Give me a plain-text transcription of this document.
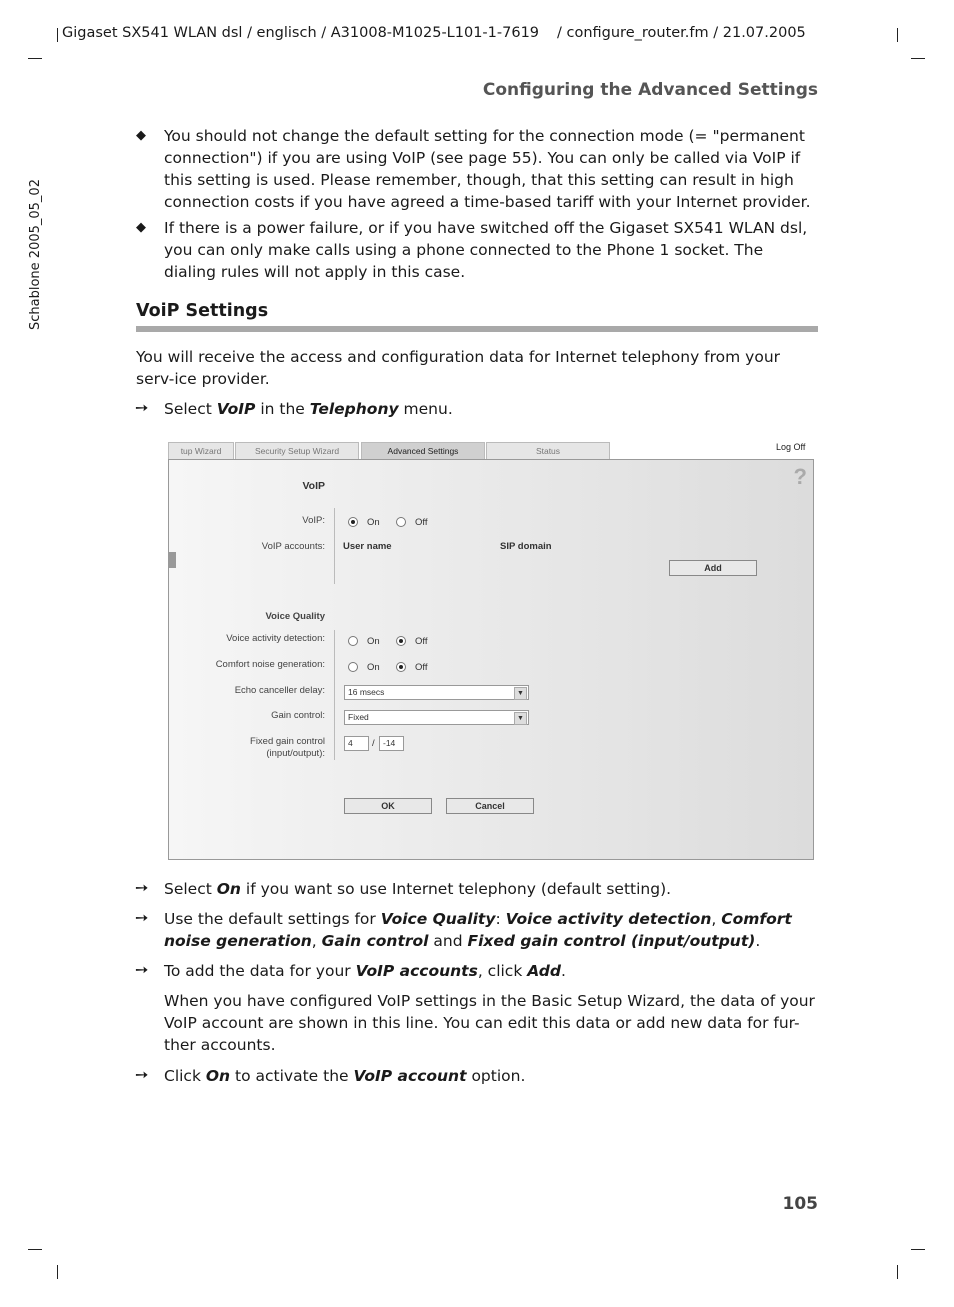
Gigaset SX541 WLAN dsl / englisch / A31008-M1025-L101-1-7619 / configure_router.fm / 21.07.2005
Configuring the Advanced Settings
Schablone 2005_05_02
◆ You should not change the default setting for the connection mode (= "permanent connection") if you are using VoIP (see page 55). You can only be called via VoIP if this setting is used. Please remember, though, that this setting can result in high connection costs if you have agreed a time-based tariff with your Internet provider.
◆ If there is a power failure, or if you have switched off the Gigaset SX541 WLAN dsl, you can only make calls using a phone connected to the Phone 1 socket. The dialing rules will not apply in this case.
VoiP Settings
You will receive the access and configuration data for Internet telephony from your serv-ice provider.
➙ Select VoIP in the Telephony menu.
tup Wizard	Security Setup Wizard	Advanced Settings	Status	Log Off
?
VoIP
VoIP:	On	Off
VoIP accounts: User name	SIP domain
Add
Voice Quality
Voice activity detection:	On	Off
Comfort noise generation:	On	Off
Echo canceller delay:	16 msecs	▼
Gain control:	Fixed	▼
Fixed gain control
(input/output):
4	/ -14
OK	Cancel
➙ Select On if you want so use Internet telephony (default setting).
➙ Use the default settings for Voice Quality: Voice activity detection, Comfort noise generation, Gain control and Fixed gain control (input/output).
➙ To add the data for your VoIP accounts, click Add.
When you have configured VoIP settings in the Basic Setup Wizard, the data of your VoIP account are shown in this line. You can edit this data or add new data for fur-ther accounts.
➙ Click On to activate the VoIP account option.
105
